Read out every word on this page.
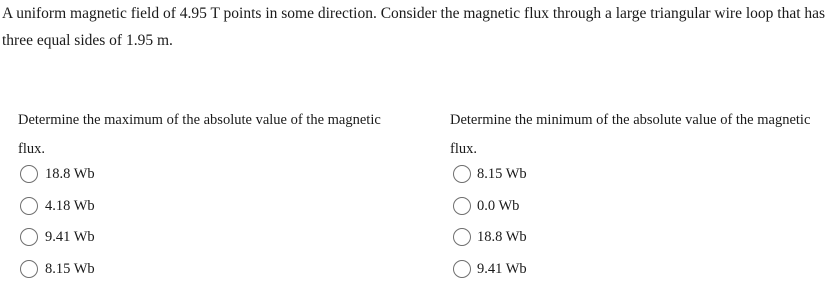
A uniform magnetic field of 4.95 T points in some direction. Consider the magnetic flux through a large triangular wire loop that has three equal sides of 1.95 m.

Determine the maximum of the absolute value of the magnetic flux.

18.8 Wb
4.18 Wb
9.41 Wb
8.15 Wb

Determine the minimum of the absolute value of the magnetic flux.

8.15 Wb
0.0 Wb
18.8 Wb
9.41 Wb
